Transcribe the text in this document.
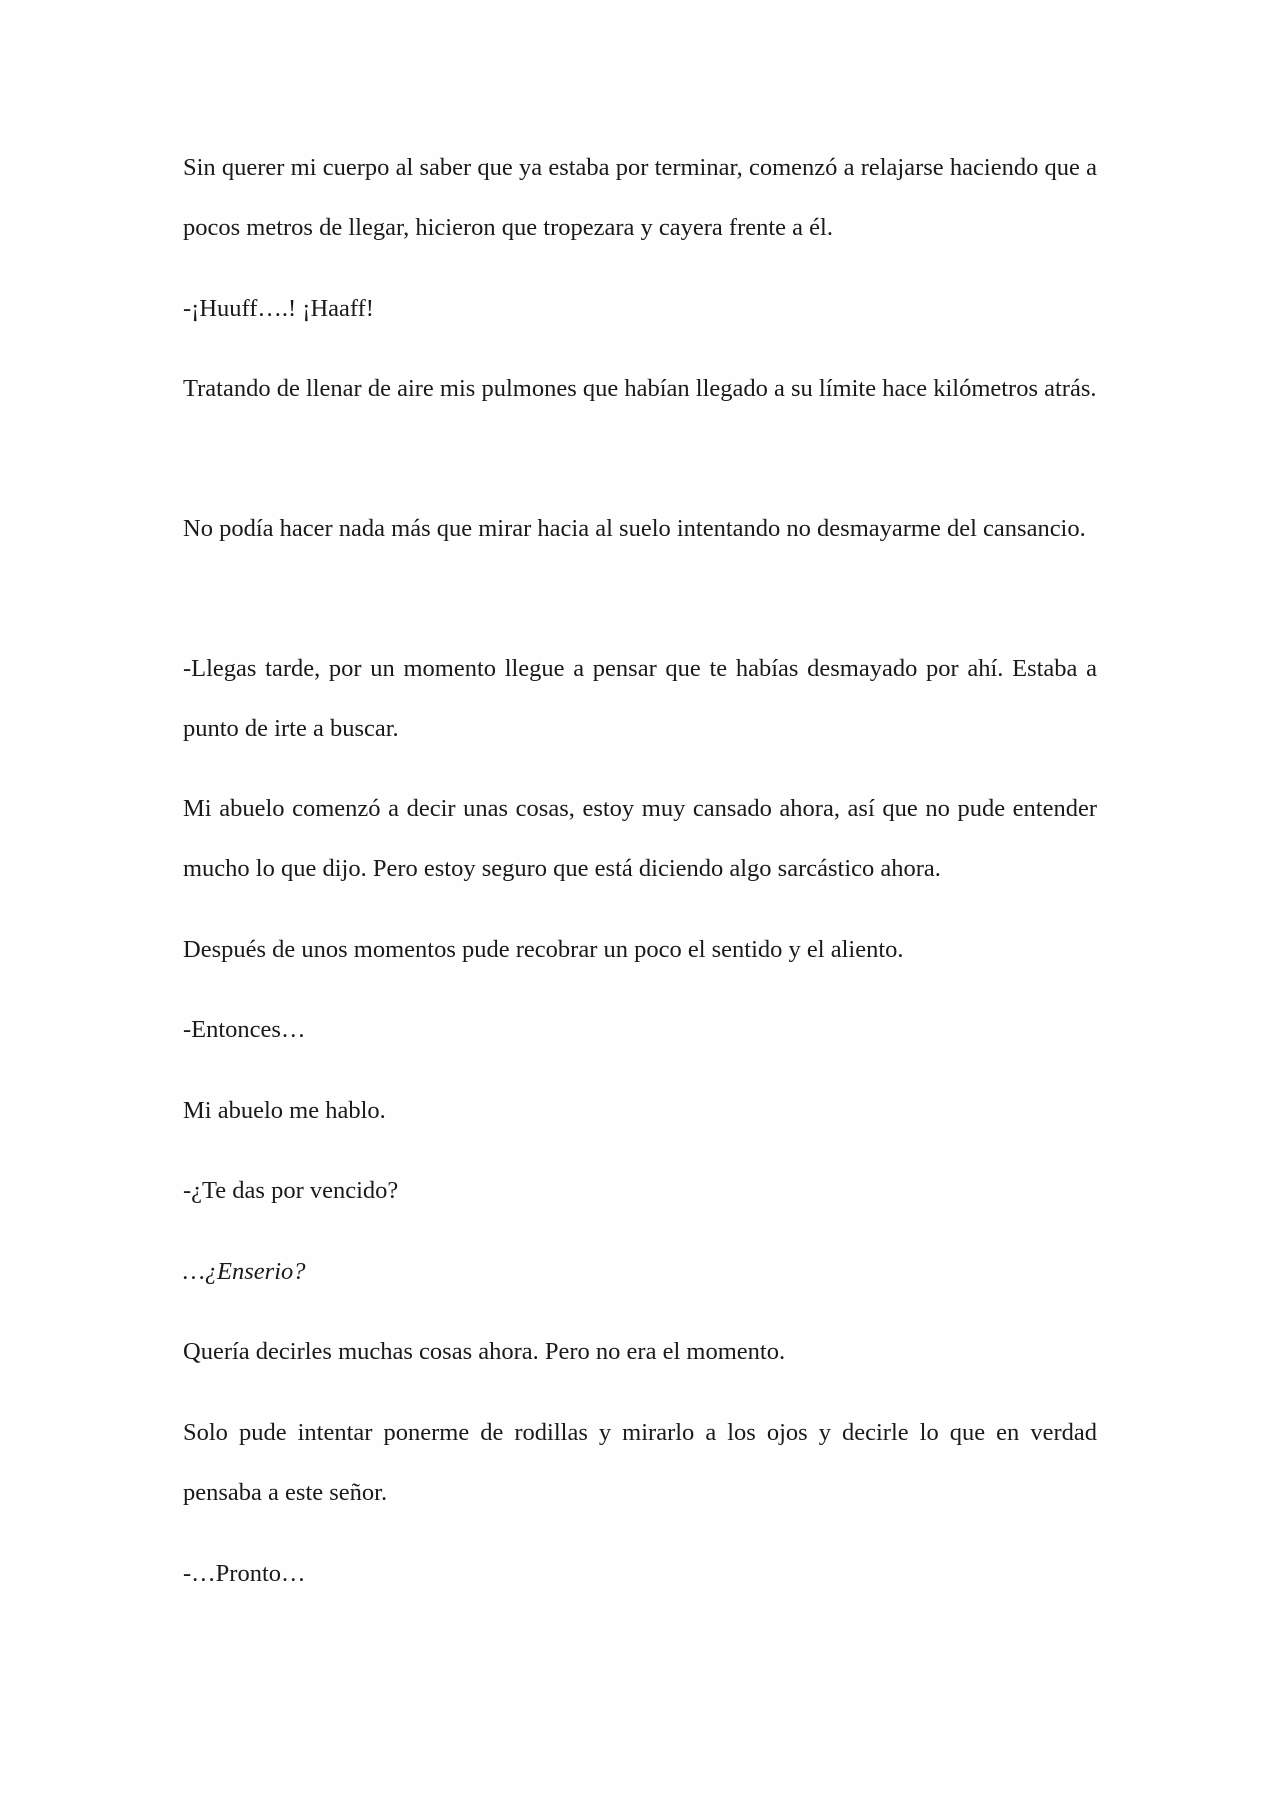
Sin querer mi cuerpo al saber que ya estaba por terminar, comenzó a relajarse haciendo que a pocos metros de llegar, hicieron que tropezara y cayera frente a él.

-¡Huuff….! ¡Haaff!

Tratando de llenar de aire mis pulmones que habían llegado a su límite hace kilómetros atrás.

No podía hacer nada más que mirar hacia al suelo intentando no desmayarme del cansancio.

-Llegas tarde, por un momento llegue a pensar que te habías desmayado por ahí. Estaba a punto de irte a buscar.

Mi abuelo comenzó a decir unas cosas, estoy muy cansado ahora, así que no pude entender mucho lo que dijo. Pero estoy seguro que está diciendo algo sarcástico ahora.

Después de unos momentos pude recobrar un poco el sentido y el aliento.

-Entonces…

Mi abuelo me hablo.

-¿Te das por vencido?

…¿Enserio?

Quería decirles muchas cosas ahora. Pero no era el momento.

Solo pude intentar ponerme de rodillas y mirarlo a los ojos y decirle lo que en verdad pensaba a este señor.

-…Pronto…
